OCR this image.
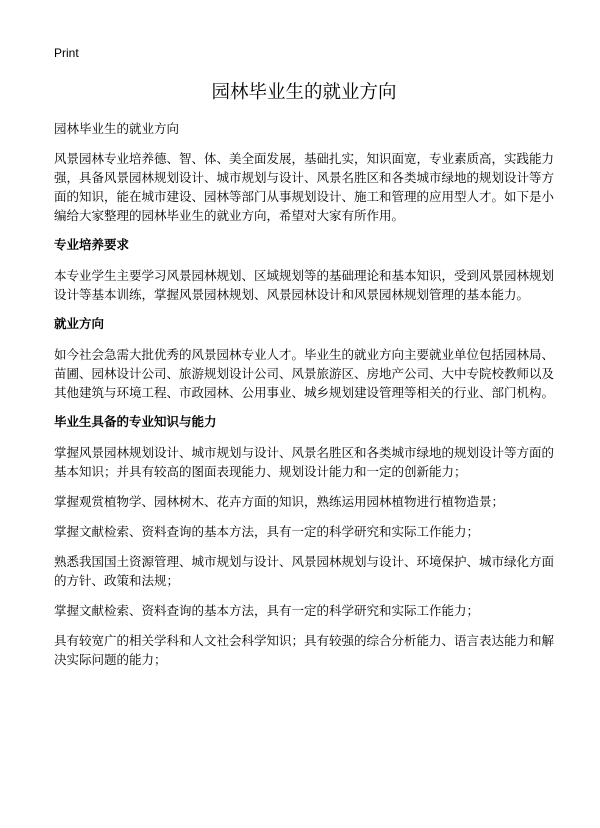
Print
园林毕业生的就业方向

园林毕业生的就业方向

风景园林专业培养德、智、体、美全面发展，基础扎实，知识面宽，专业素质高，实践能力强，具备风景园林规划设计、城市规划与设计、风景名胜区和各类城市绿地的规划设计等方面的知识，能在城市建设、园林等部门从事规划设计、施工和管理的应用型人才。如下是小编给大家整理的园林毕业生的就业方向，希望对大家有所作用。

专业培养要求

本专业学生主要学习风景园林规划、区域规划等的基础理论和基本知识，受到风景园林规划设计等基本训练，掌握风景园林规划、风景园林设计和风景园林规划管理的基本能力。

就业方向

如今社会急需大批优秀的风景园林专业人才。毕业生的就业方向主要就业单位包括园林局、苗圃、园林设计公司、旅游规划设计公司、风景旅游区、房地产公司、大中专院校教师以及其他建筑与环境工程、市政园林、公用事业、城乡规划建设管理等相关的行业、部门机构。

毕业生具备的专业知识与能力

掌握风景园林规划设计、城市规划与设计、风景名胜区和各类城市绿地的规划设计等方面的基本知识；并具有较高的图面表现能力、规划设计能力和一定的创新能力；

掌握观赏植物学、园林树木、花卉方面的知识，熟练运用园林植物进行植物造景；

掌握文献检索、资料查询的基本方法，具有一定的科学研究和实际工作能力；

熟悉我国国土资源管理、城市规划与设计、风景园林规划与设计、环境保护、城市绿化方面的方针、政策和法规；

掌握文献检索、资料查询的基本方法，具有一定的科学研究和实际工作能力；

具有较宽广的相关学科和人文社会科学知识；具有较强的综合分析能力、语言表达能力和解决实际问题的能力；
